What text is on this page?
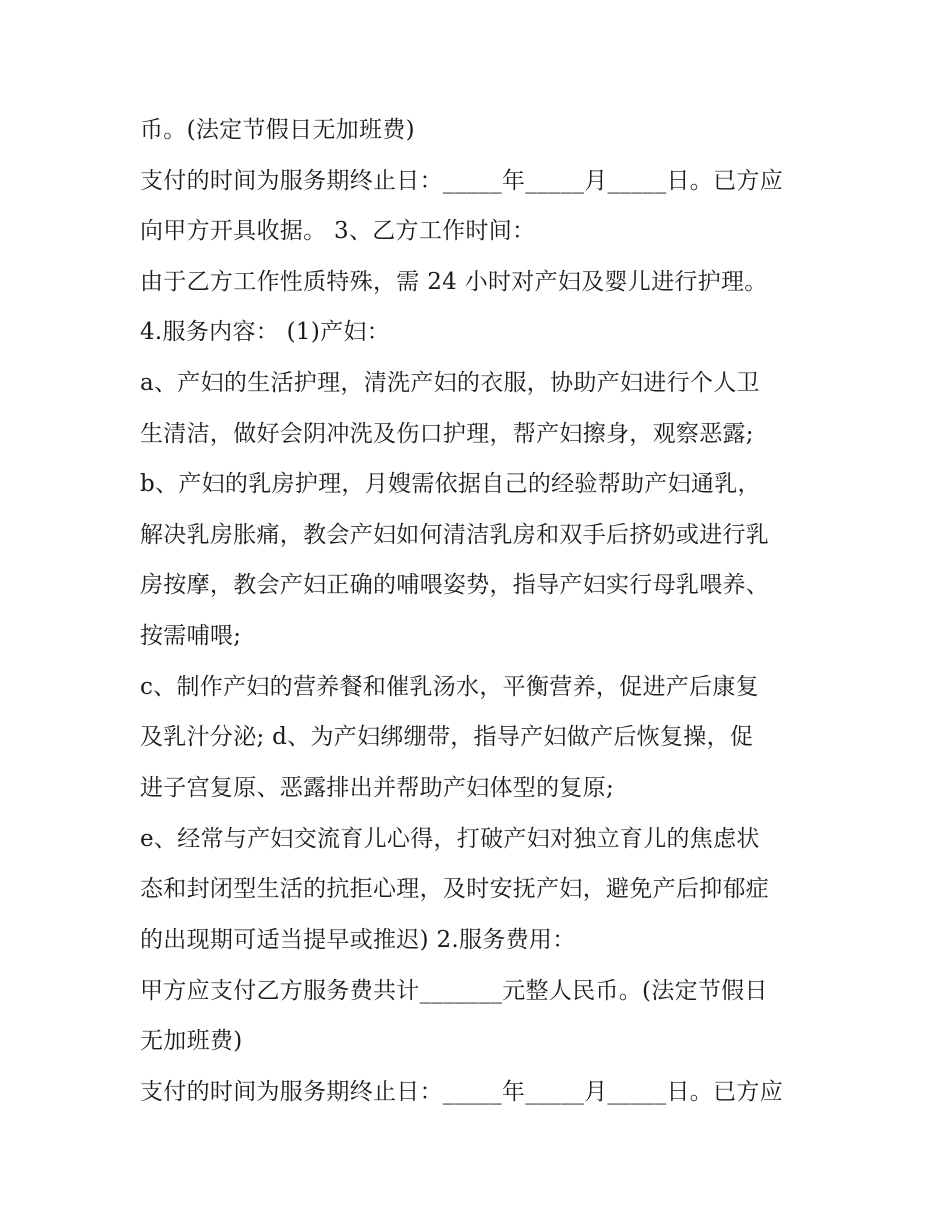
币。(法定节假日无加班费)
支付的时间为服务期终止日：_____年_____月_____日。已方应
向甲方开具收据。 3、乙方工作时间：
由于乙方工作性质特殊，需 24 小时对产妇及婴儿进行护理。
4.服务内容： (1)产妇：
a、产妇的生活护理，清洗产妇的衣服，协助产妇进行个人卫
生清洁，做好会阴冲洗及伤口护理，帮产妇擦身，观察恶露;
b、产妇的乳房护理，月嫂需依据自己的经验帮助产妇通乳，
解决乳房胀痛，教会产妇如何清洁乳房和双手后挤奶或进行乳
房按摩，教会产妇正确的哺喂姿势，指导产妇实行母乳喂养、
按需哺喂;
c、制作产妇的营养餐和催乳汤水，平衡营养，促进产后康复
及乳汁分泌; d、为产妇绑绷带，指导产妇做产后恢复操，促
进子宫复原、恶露排出并帮助产妇体型的复原;
e、经常与产妇交流育儿心得，打破产妇对独立育儿的焦虑状
态和封闭型生活的抗拒心理，及时安抚产妇，避免产后抑郁症
的出现期可适当提早或推迟) 2.服务费用：
甲方应支付乙方服务费共计_______元整人民币。(法定节假日
无加班费)
支付的时间为服务期终止日：_____年_____月_____日。已方应
